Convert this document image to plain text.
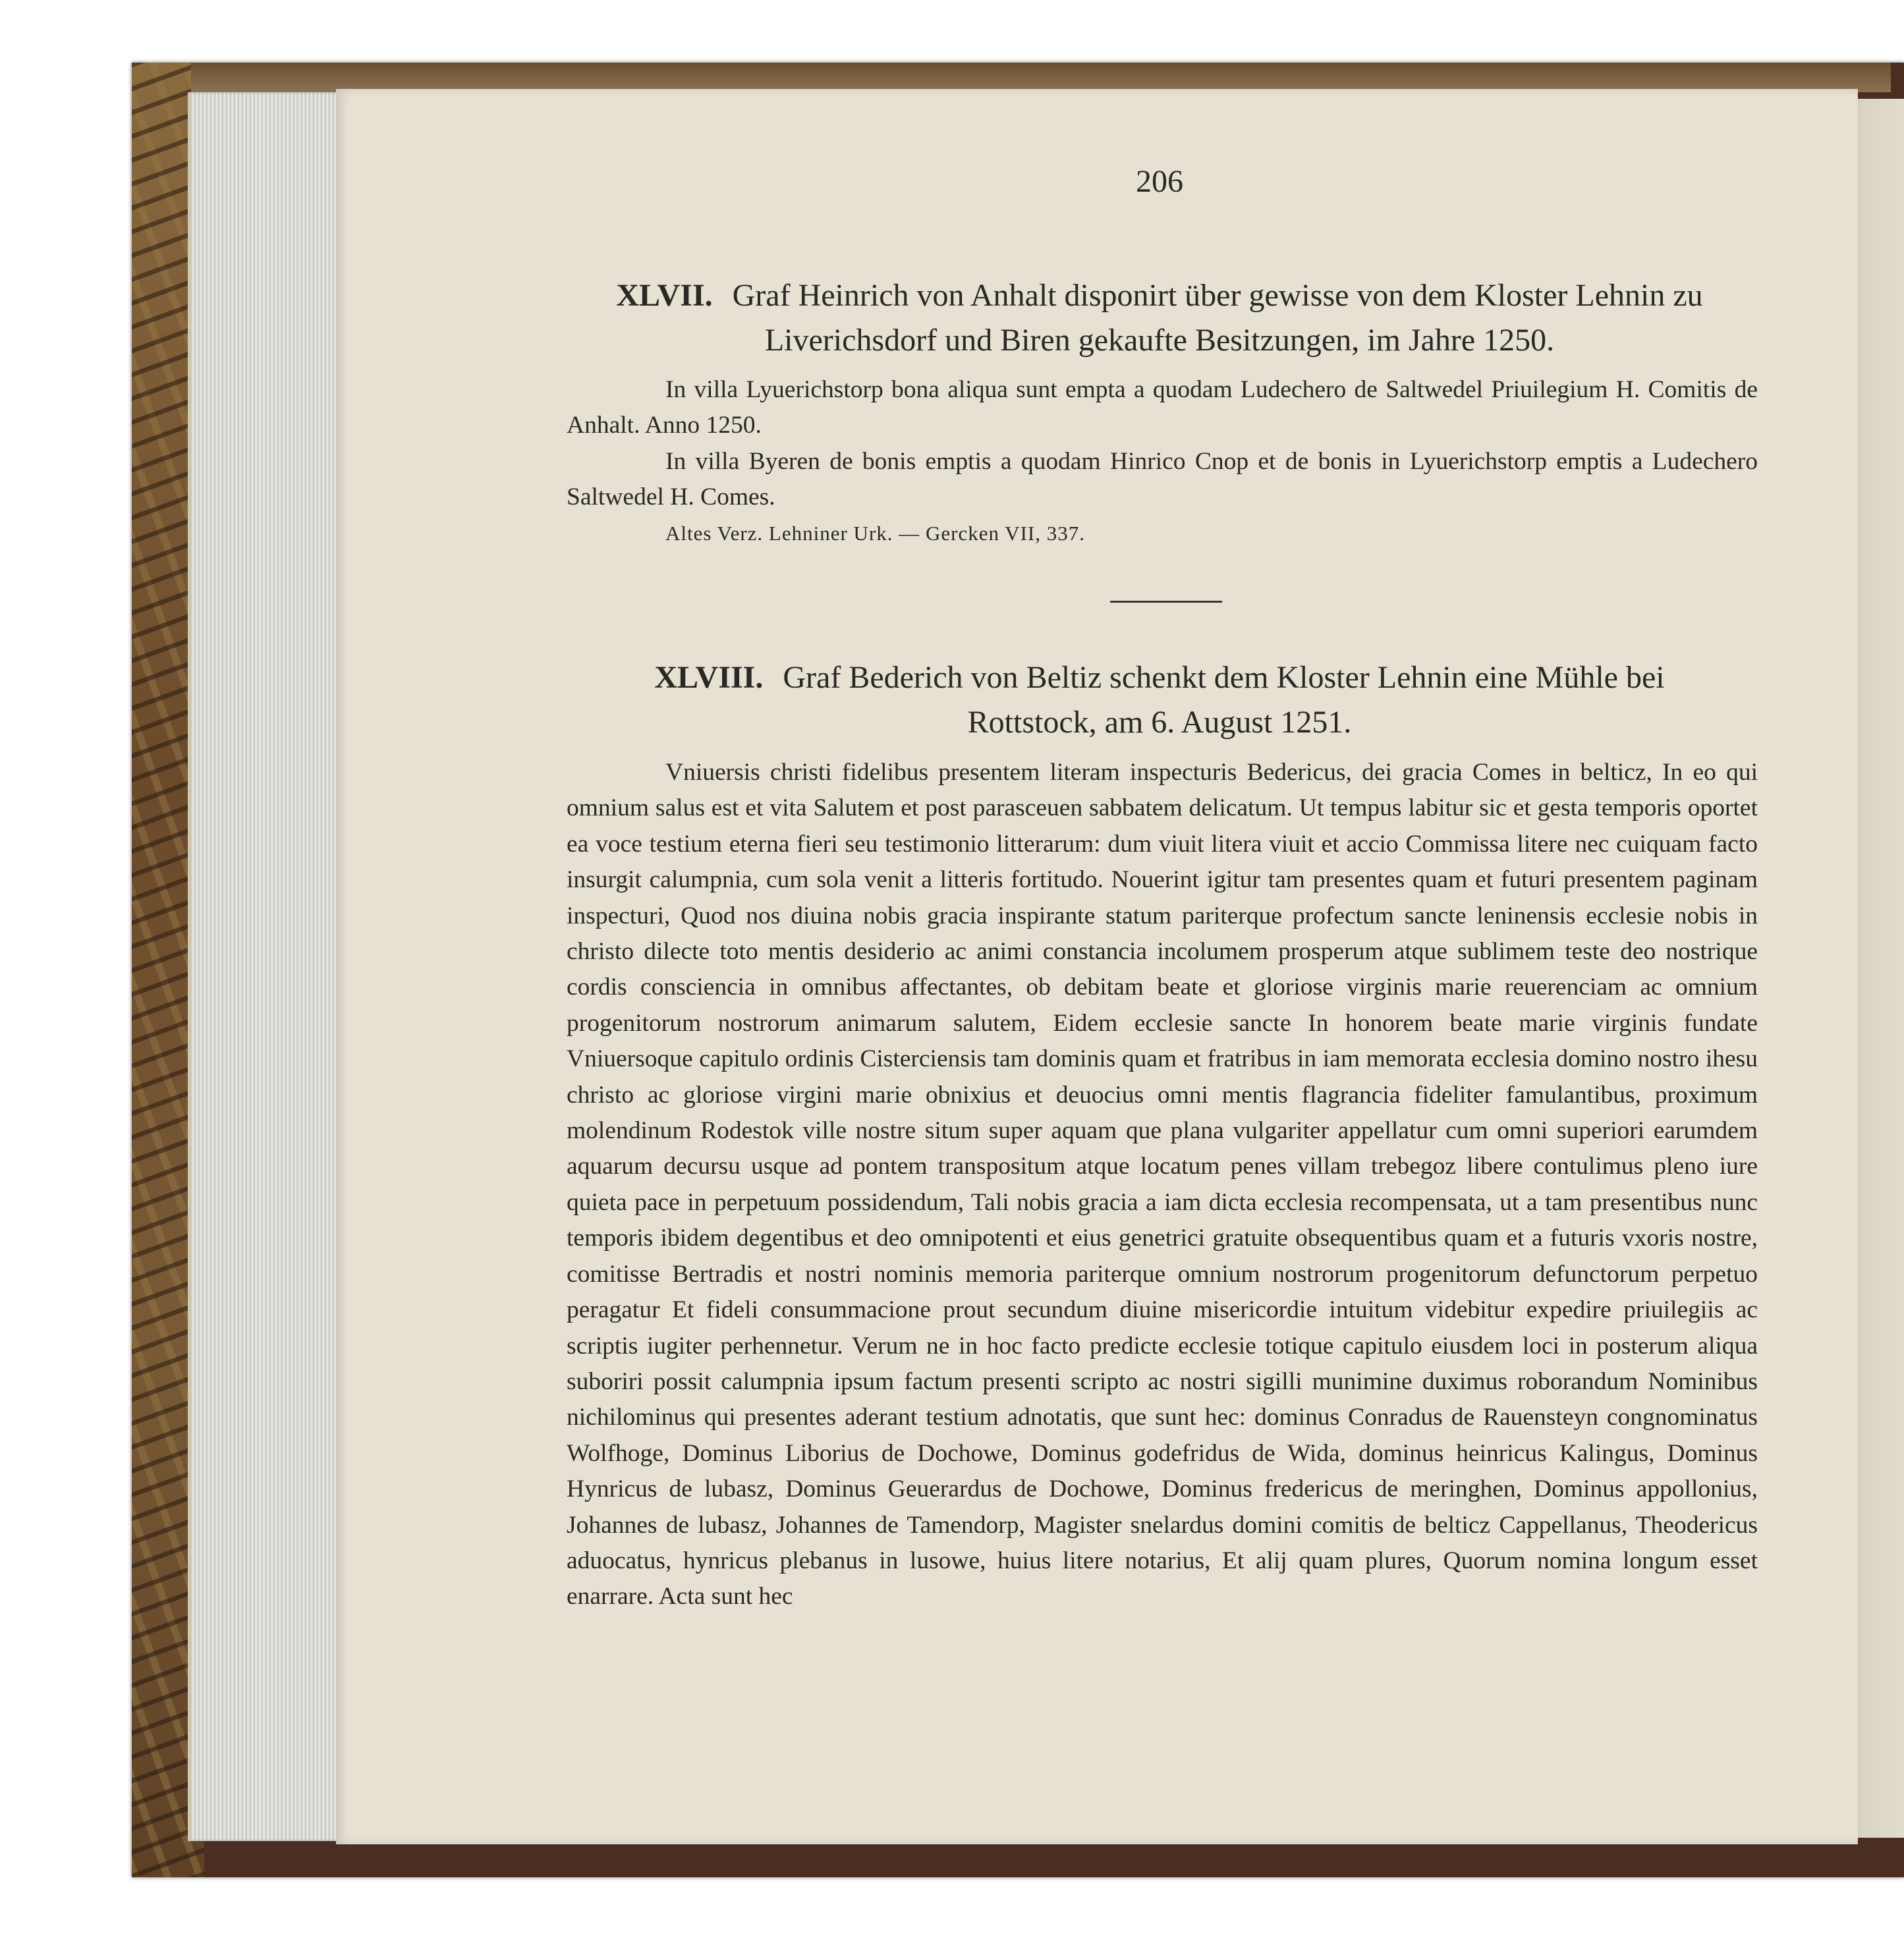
206
XLVII. Graf Heinrich von Anhalt disponirt über gewisse von dem Kloster Lehnin zu Liverichsdorf und Biren gekaufte Besitzungen, im Jahre 1250.
In villa Lyuerichstorp bona aliqua sunt empta a quodam Ludechero de Saltwedel Priuilegium H. Comitis de Anhalt. Anno 1250.
In villa Byeren de bonis emptis a quodam Hinrico Cnop et de bonis in Lyuerichstorp emptis a Ludechero Saltwedel H. Comes.
Altes Verz. Lehniner Urk. — Gercken VII, 337.
XLVIII. Graf Bederich von Beltiz schenkt dem Kloster Lehnin eine Mühle bei Rottstock, am 6. August 1251.
Vniuersis christi fidelibus presentem literam inspecturis Bedericus, dei gracia Comes in belticz, In eo qui omnium salus est et vita Salutem et post parasceuen sabbatem delicatum. Ut tempus labitur sic et gesta temporis oportet ea voce testium eterna fieri seu testimonio litterarum: dum viuit litera viuit et accio Commissa litere nec cuiquam facto insurgit calumpnia, cum sola venit a litteris fortitudo. Nouerint igitur tam presentes quam et futuri presentem paginam inspecturi, Quod nos diuina nobis gracia inspirante statum pariterque profectum sancte leninensis ecclesie nobis in christo dilecte toto mentis desiderio ac animi constancia incolumem prosperum atque sublimem teste deo nostrique cordis consciencia in omnibus affectantes, ob debitam beate et gloriose virginis marie reuerenciam ac omnium progenitorum nostrorum animarum salutem, Eidem ecclesie sancte In honorem beate marie virginis fundate Vniuersoque capitulo ordinis Cisterciensis tam dominis quam et fratribus in iam memorata ecclesia domino nostro ihesu christo ac gloriose virgini marie obnixius et deuocius omni mentis flagrancia fideliter famulantibus, proximum molendinum Rodestok ville nostre situm super aquam que plana vulgariter appellatur cum omni superiori earumdem aquarum decursu usque ad pontem transpositum atque locatum penes villam trebegoz libere contulimus pleno iure quieta pace in perpetuum possidendum, Tali nobis gracia a iam dicta ecclesia recompensata, ut a tam presentibus nunc temporis ibidem degentibus et deo omnipotenti et eius genetrici gratuite obsequentibus quam et a futuris vxoris nostre, comitisse Bertradis et nostri nominis memoria pariterque omnium nostrorum progenitorum defunctorum perpetuo peragatur Et fideli consummacione prout secundum diuine misericordie intuitum videbitur expedire priuilegiis ac scriptis iugiter perhennetur. Verum ne in hoc facto predicte ecclesie totique capitulo eiusdem loci in posterum aliqua suboriri possit calumpnia ipsum factum presenti scripto ac nostri sigilli munimine duximus roborandum Nominibus nichilominus qui presentes aderant testium adnotatis, que sunt hec: dominus Conradus de Rauensteyn congnominatus Wolfhoge, Dominus Liborius de Dochowe, Dominus godefridus de Wida, dominus heinricus Kalingus, Dominus Hynricus de lubasz, Dominus Geuerardus de Dochowe, Dominus fredericus de meringhen, Dominus appollonius, Johannes de lubasz, Johannes de Tamendorp, Magister snelardus domini comitis de belticz Cappellanus, Theodericus aduocatus, hynricus plebanus in lusowe, huius litere notarius, Et alij quam plures, Quorum nomina longum esset enarrare. Acta sunt hec
